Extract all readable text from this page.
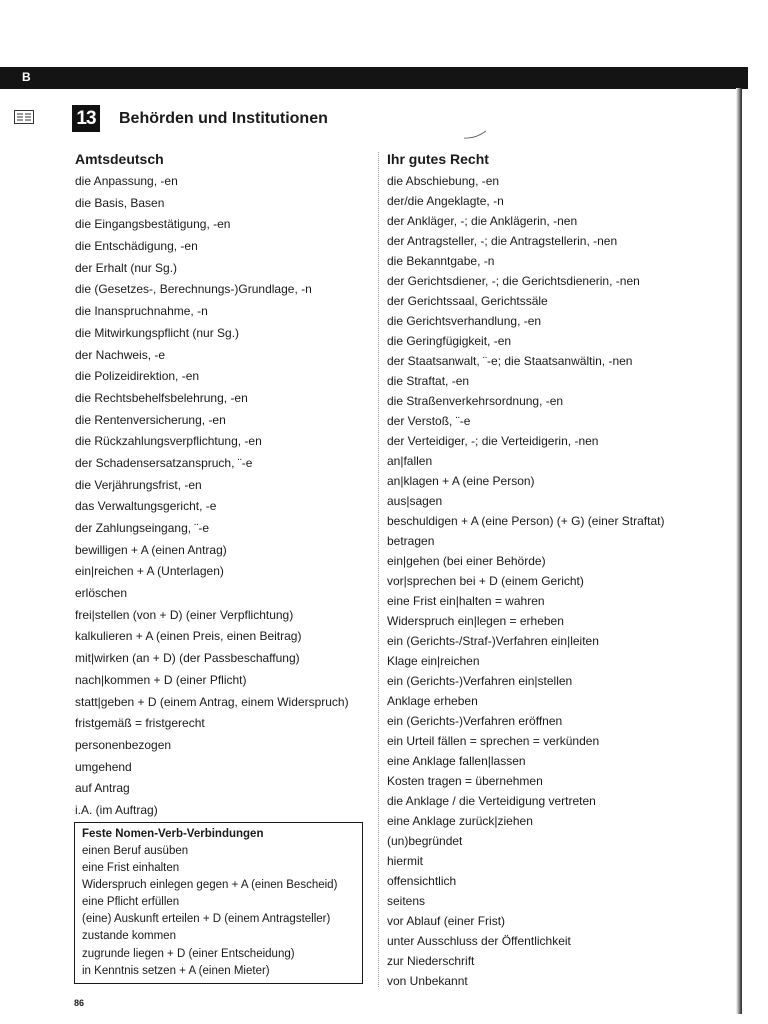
B
13 Behörden und Institutionen
Amtsdeutsch
die Anpassung, -en
die Basis, Basen
die Eingangsbestätigung, -en
die Entschädigung, -en
der Erhalt (nur Sg.)
die (Gesetzes-, Berechnungs-)Grundlage, -n
die Inanspruchnahme, -n
die Mitwirkungspflicht (nur Sg.)
der Nachweis, -e
die Polizeidirektion, -en
die Rechtsbehelfsbelehrung, -en
die Rentenversicherung, -en
die Rückzahlungsverpflichtung, -en
der Schadensersatzanspruch, ¨-e
die Verjährungsfrist, -en
das Verwaltungsgericht, -e
der Zahlungseingang, ¨-e
bewilligen + A (einen Antrag)
ein|reichen + A (Unterlagen)
erlöschen
frei|stellen (von + D) (einer Verpflichtung)
kalkulieren + A (einen Preis, einen Beitrag)
mit|wirken (an + D) (der Passbeschaffung)
nach|kommen + D (einer Pflicht)
statt|geben + D (einem Antrag, einem Widerspruch)
fristgemäß = fristgerecht
personenbezogen
umgehend
auf Antrag
i.A. (im Auftrag)
Ihr gutes Recht
die Abschiebung, -en
der/die Angeklagte, -n
der Ankläger, -; die Anklägerin, -nen
der Antragsteller, -; die Antragstellerin, -nen
die Bekanntgabe, -n
der Gerichtsdiener, -; die Gerichtsdienerin, -nen
der Gerichtssaal, Gerichtssäle
die Gerichtsverhandlung, -en
die Geringfügigkeit, -en
der Staatsanwalt, ¨-e; die Staatsanwältin, -nen
die Straftat, -en
die Straßenverkehrsordnung, -en
der Verstoß, ¨-e
der Verteidiger, -; die Verteidigerin, -nen
an|fallen
an|klagen + A (eine Person)
aus|sagen
beschuldigen + A (eine Person) (+ G) (einer Straftat)
betragen
ein|gehen (bei einer Behörde)
vor|sprechen bei + D (einem Gericht)
eine Frist ein|halten = wahren
Widerspruch ein|legen = erheben
ein (Gerichts-/Straf-)Verfahren ein|leiten
Klage ein|reichen
ein (Gerichts-)Verfahren ein|stellen
Anklage erheben
ein (Gerichts-)Verfahren eröffnen
ein Urteil fällen = sprechen = verkünden
eine Anklage fallen|lassen
Kosten tragen = übernehmen
die Anklage / die Verteidigung vertreten
eine Anklage zurück|ziehen
(un)begründet
hiermit
offensichtlich
seitens
vor Ablauf (einer Frist)
unter Ausschluss der Öffentlichkeit
zur Niederschrift
von Unbekannt
Feste Nomen-Verb-Verbindungen
einen Beruf ausüben
eine Frist einhalten
Widerspruch einlegen gegen + A (einen Bescheid)
eine Pflicht erfüllen
(eine) Auskunft erteilen + D (einem Antragsteller)
zustande kommen
zugrunde liegen + D (einer Entscheidung)
in Kenntnis setzen + A (einen Mieter)
86
